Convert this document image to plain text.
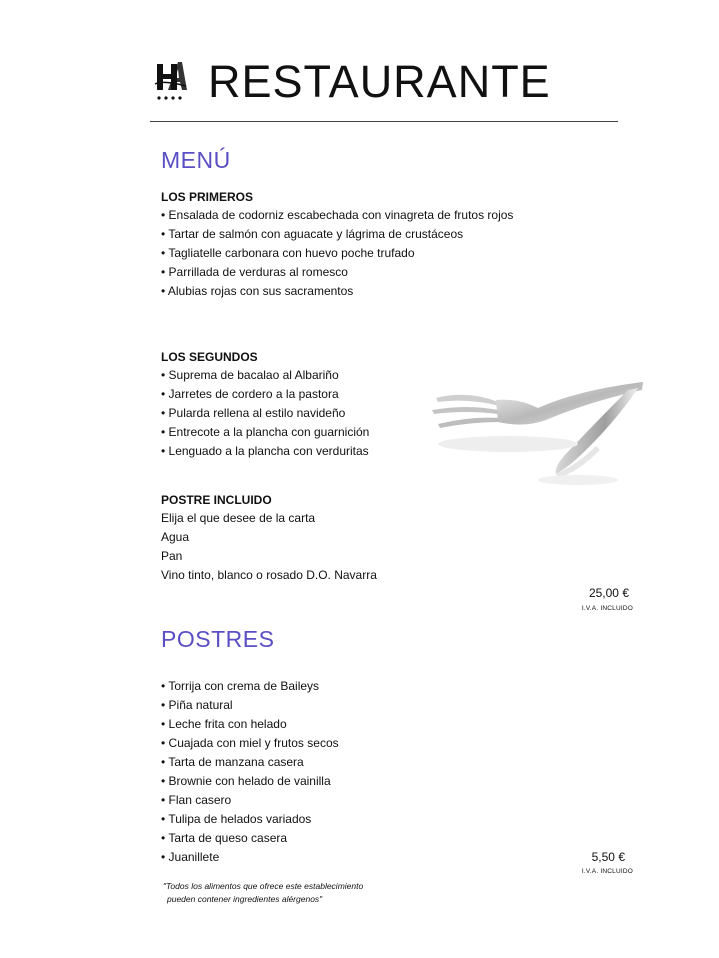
RESTAURANTE
MENÚ
LOS PRIMEROS
• Ensalada de codorniz escabechada con vinagreta de frutos rojos
• Tartar de salmón con aguacate y lágrima de crustáceos
• Tagliatelle carbonara con huevo poche trufado
• Parrillada de verduras al romesco
• Alubias rojas con sus sacramentos
LOS SEGUNDOS
• Suprema de bacalao al Albariño
• Jarretes de cordero a la pastora
• Pularda rellena al estilo navideño
• Entrecote a la plancha con guarnición
• Lenguado a la plancha con verduritas
POSTRE INCLUIDO
Elija el que desee de la carta
Agua
Pan
Vino tinto, blanco o rosado D.O. Navarra
25,00 €
I.V.A. INCLUIDO
POSTRES
• Torrija con crema de Baileys
• Piña natural
• Leche frita con helado
• Cuajada con miel y frutos secos
• Tarta de manzana casera
• Brownie con helado de vainilla
• Flan casero
• Tulipa de helados variados
• Tarta de queso casera
• Juanillete	5,50 €
I.V.A. INCLUIDO
"Todos los alimentos que ofrece este establecimiento
pueden contener ingredientes alérgenos"
